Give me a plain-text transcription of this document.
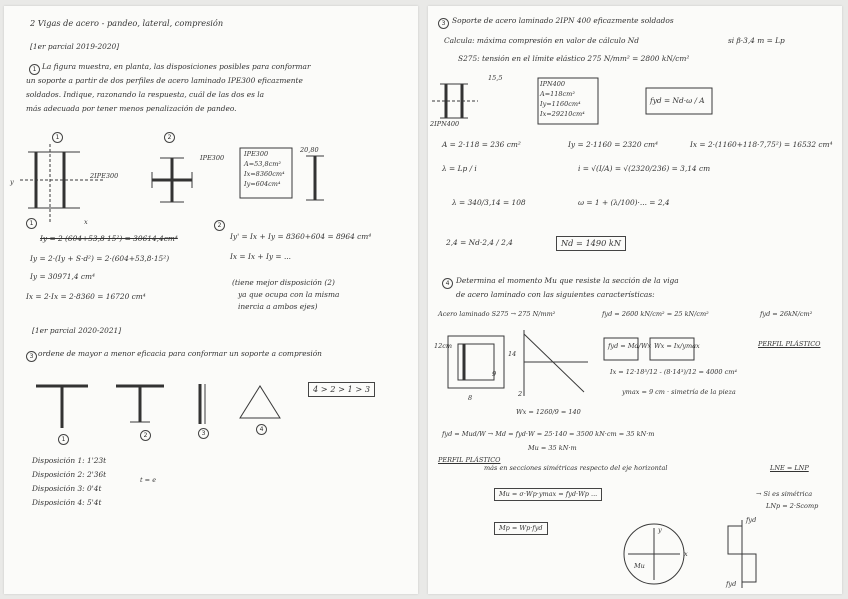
2 Vigas de acero - pandeo, lateral, compresión
[1er parcial 2019-2020]
1 La figura muestra, en planta, las disposiciones posibles para conformar
un soporte a partir de dos perfiles de acero laminado IPE300 eficazmente
soldados. Indique, razonando la respuesta, cuál de las dos es la
más adecuada por tener menos penalización de pandeo.
1	2
2IPE300
IPE300
y
x
IPE300
A=53,8cm²
Ix=8360cm⁴
Iy=604cm⁴
20,80
1
Iy = 2·(604+53,8·15²) = 30614,4cm⁴
Iy = 2·(Iy + S·d²) = 2·(604+53,8·15²)
Iy = 30971,4 cm⁴
Ix = 2·Ix = 2·8360 = 16720 cm⁴
2
Iy' = Ix + Iy = 8360+604 = 8964 cm⁴
Ix = Ix + Iy = ...
(tiene mejor disposición (2)
ya que ocupa con la misma
inercia a ambos ejes)
[1er parcial 2020-2021]
3 ordene de mayor a menor eficacia para conformar un soporte a compresión
1
2	3
4
4 > 2 > 1 > 3
Disposición 1: 1'23t
Disposición 2: 2'36t
Disposición 3: 0'4t
Disposición 4: 5'4t
t = e
3 Soporte de acero laminado 2IPN 400 eficazmente soldados
Calcula: máxima compresión en valor de cálculo Nd	si β·3,4 m = Lp
S275: tensión en el límite elástico 275 N/mm² = 2800 kN/cm²
2IPN400
IPN400
A=118cm²
Iy=1160cm⁴
Ix=29210cm⁴
15,5
fyd = Nd·ω / A
A = 2·118 = 236 cm²	Iy = 2·1160 = 2320 cm⁴	Ix = 2·(1160+118·7,75²) = 16532 cm⁴
λ = Lp / i	i = √(I/A) = √(2320/236) = 3,14 cm
λ = 340/3,14 = 108	ω = 1 + (λ/100)·... = 2,4
2,4 = Nd·2,4 / 2,4	Nd = 1490 kN
4 Determina el momento Mu que resiste la sección de la viga
de acero laminado con las siguientes características:
Acero laminado S275 → 275 N/mm²	fyd = 2600 kN/cm² = 25 kN/cm²	fyd = 26kN/cm²
12cm
14
9
8	2
fyd = Md/Wx Wx = Ix/ymax	PERFIL PLÁSTICO
Ix = 12·18³/12 - (8·14³)/12 = 4000 cm⁴
ymax = 9 cm · simetría de la pieza
Wx = 1260/9 = 140
fyd = Mud/W → Md = fyd·W = 25·140 = 3500 kN·cm = 35 kN·m
Mu = 35 kN·m
PERFIL PLÁSTICO
más en secciones simétricas respecto del eje horizontal	LNE = LNP
Mu = σ·Wp·ymax = fyd·Wp ...	→ Si es simétrica
LNp = 2·Scomp
Mp = Wp·fyd	y
x
Mu
fyd
fyd
